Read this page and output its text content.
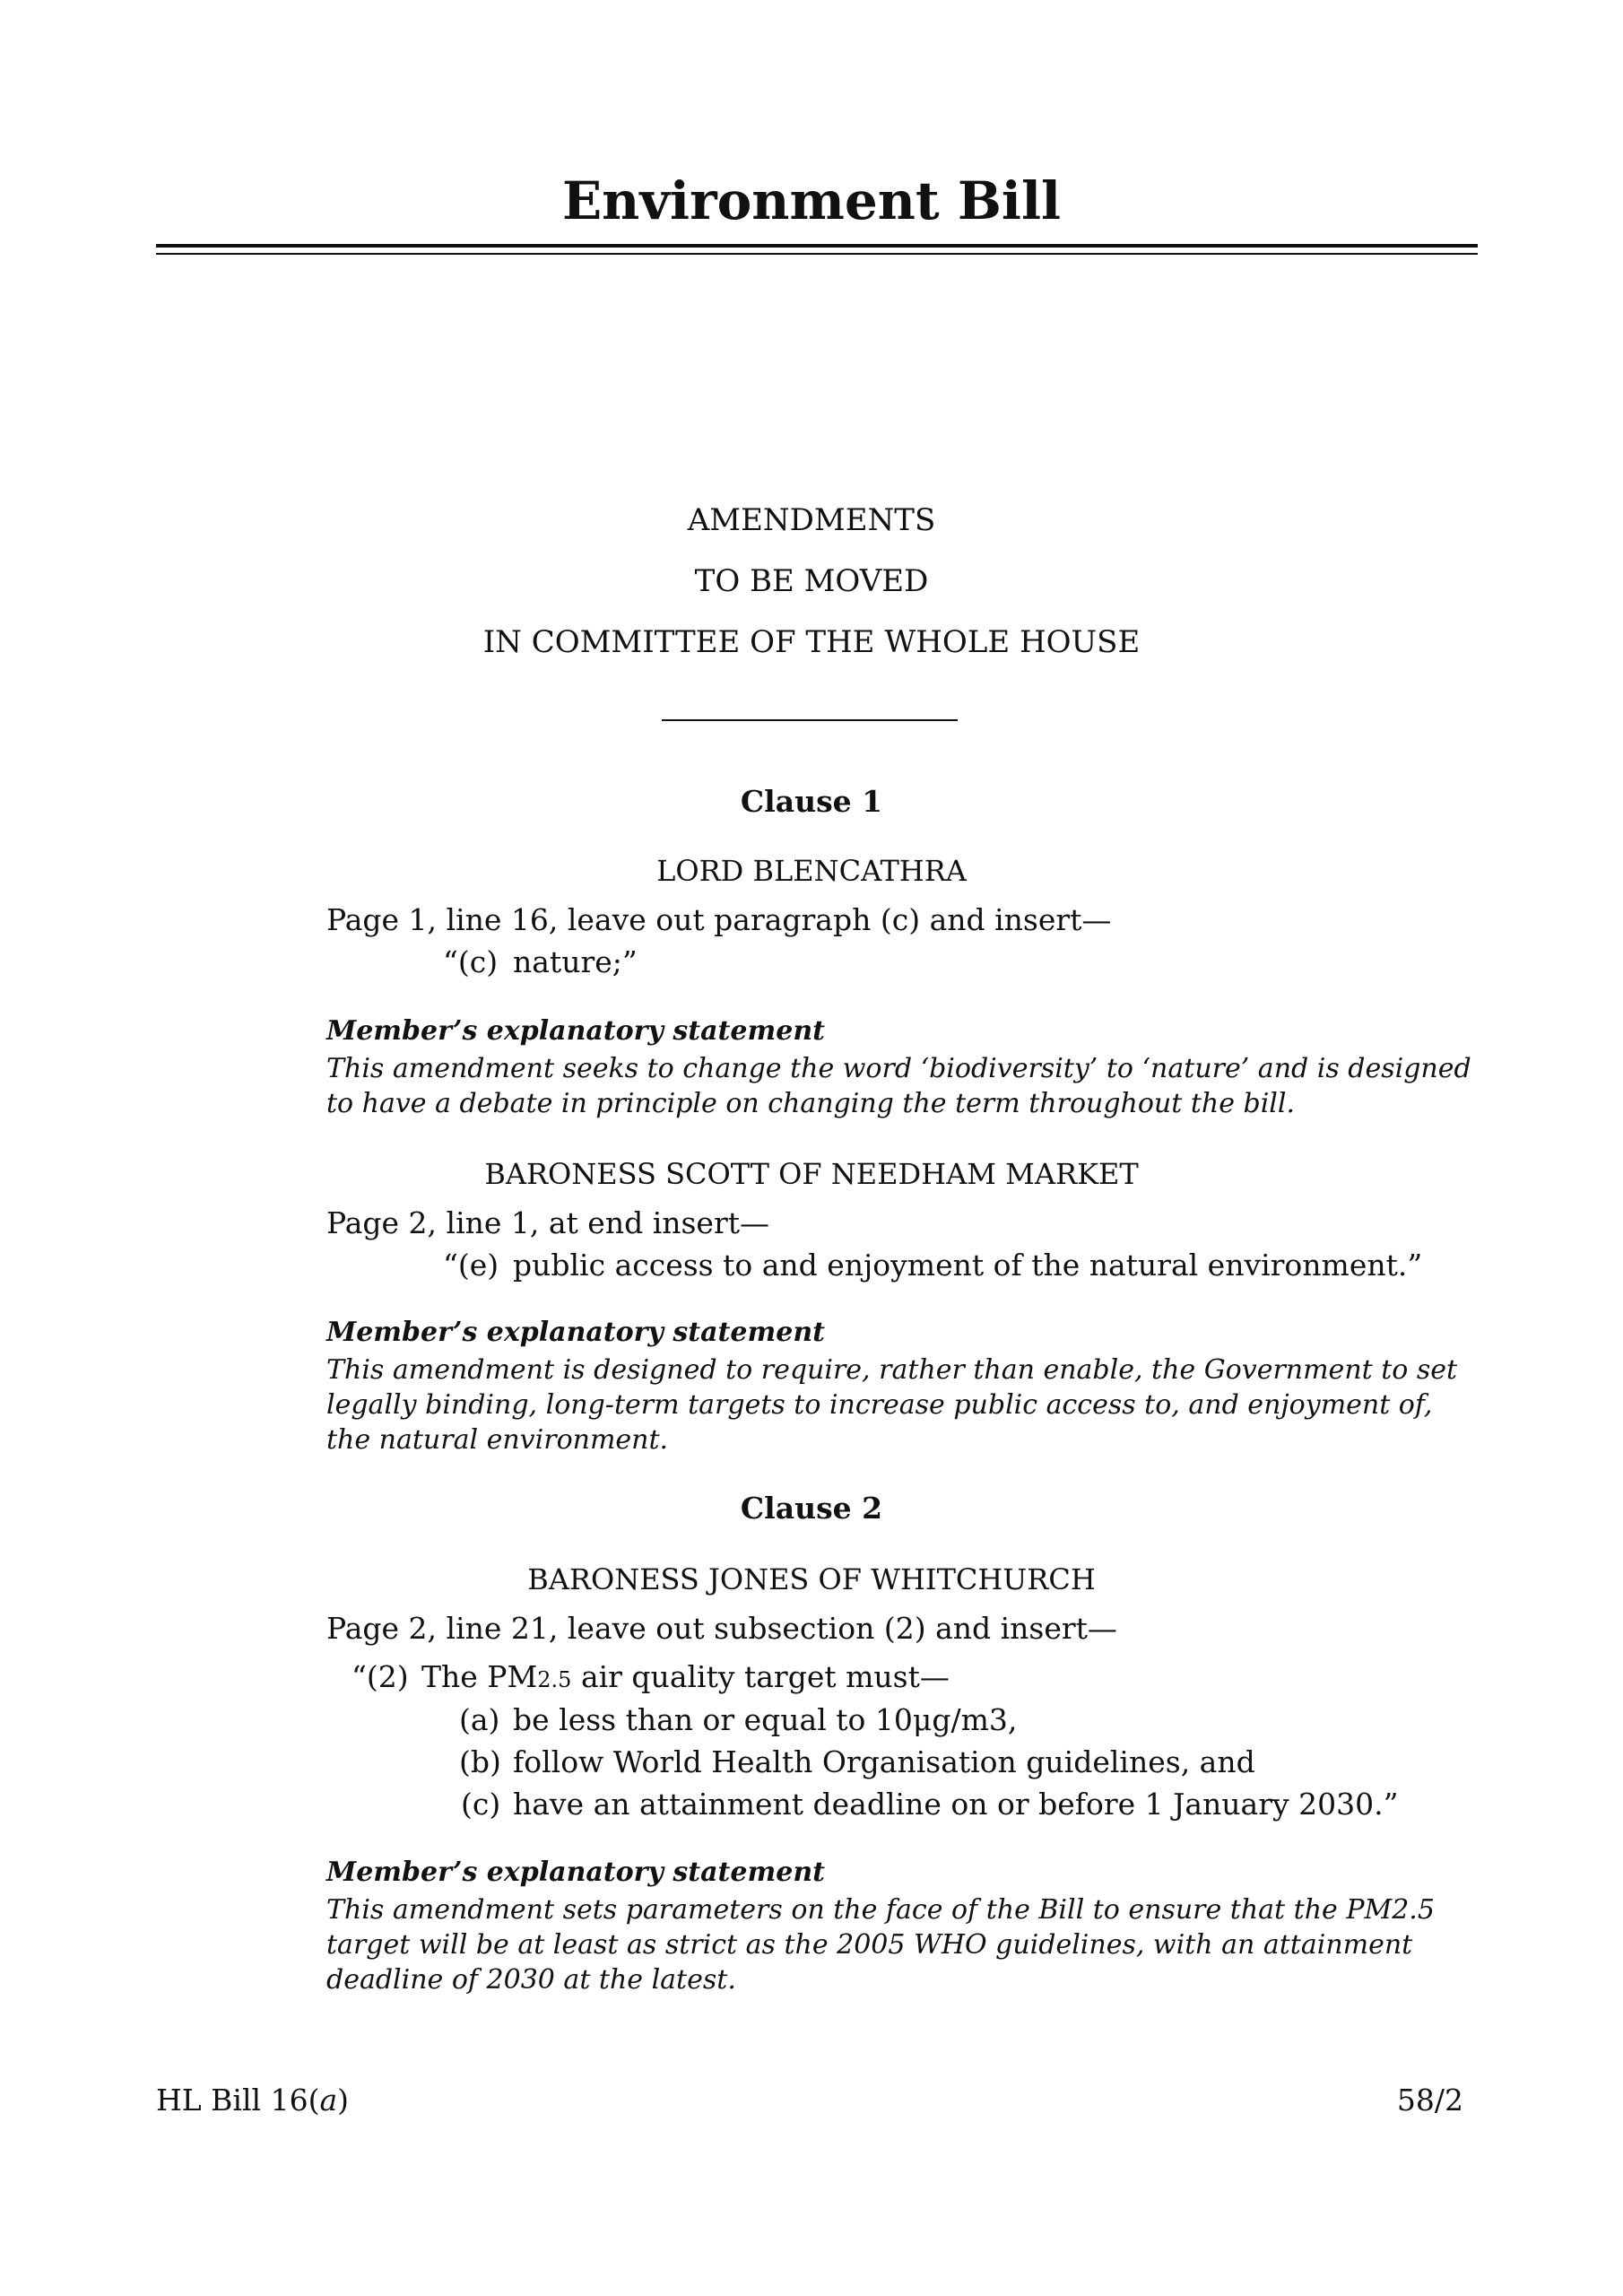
Environment Bill
AMENDMENTS
TO BE MOVED
IN COMMITTEE OF THE WHOLE HOUSE
Clause 1
LORD BLENCATHRA
Page 1, line 16, leave out paragraph (c) and insert—
“(c) nature;”
Member’s explanatory statement
This amendment seeks to change the word ‘biodiversity’ to ‘nature’ and is designed to have a debate in principle on changing the term throughout the bill.
BARONESS SCOTT OF NEEDHAM MARKET
Page 2, line 1, at end insert—
“(e) public access to and enjoyment of the natural environment.”
Member’s explanatory statement
This amendment is designed to require, rather than enable, the Government to set legally binding, long-term targets to increase public access to, and enjoyment of, the natural environment.
Clause 2
BARONESS JONES OF WHITCHURCH
Page 2, line 21, leave out subsection (2) and insert—
“(2) The PM2.5 air quality target must—
(a) be less than or equal to 10μg/m3,
(b) follow World Health Organisation guidelines, and
(c) have an attainment deadline on or before 1 January 2030.”
Member’s explanatory statement
This amendment sets parameters on the face of the Bill to ensure that the PM2.5 target will be at least as strict as the 2005 WHO guidelines, with an attainment deadline of 2030 at the latest.
HL Bill 16(a)	58/2
